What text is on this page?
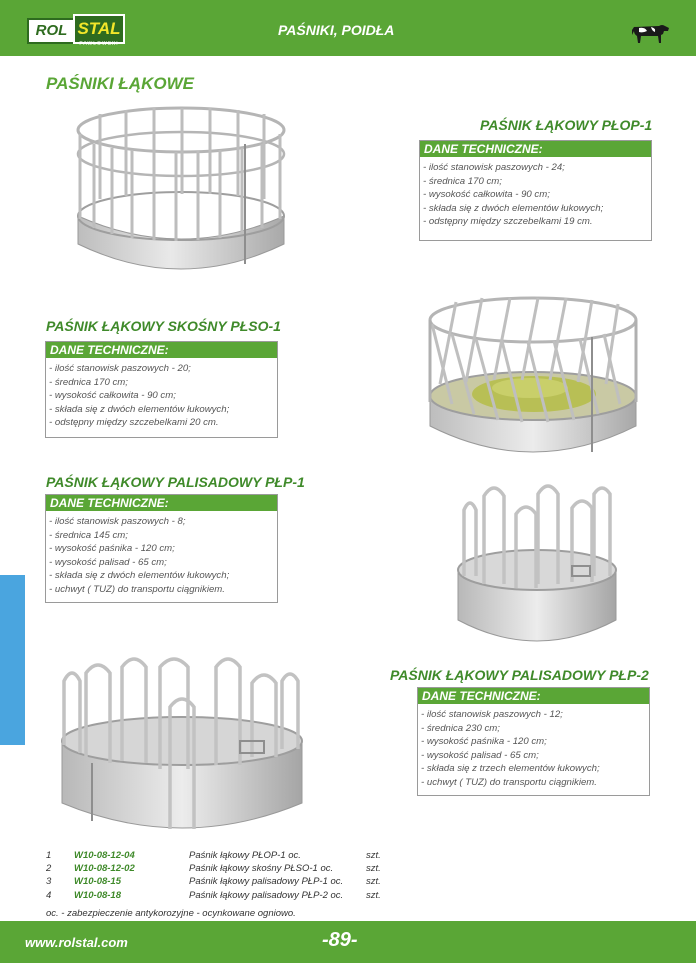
ROL STAL
PAWŁOWSKI
PAŚNIKI, POIDŁA
PAŚNIKI ŁĄKOWE
PAŚNIK ŁĄKOWY PŁOP-1
DANE TECHNICZNE:
- ilość stanowisk paszowych - 24;
- średnica 170 cm;
- wysokość całkowita - 90 cm;
- składa się z dwóch elementów łukowych;
- odstępny między szczebelkami 19 cm.
PAŚNIK ŁĄKOWY SKOŚNY PŁSO-1
DANE TECHNICZNE:
- ilość stanowisk paszowych - 20;
- średnica 170 cm;
- wysokość całkowita - 90 cm;
- składa się z dwóch elementów łukowych;
- odstępny między szczebelkami 20 cm.
PAŚNIK ŁĄKOWY PALISADOWY PŁP-1
DANE TECHNICZNE:
- ilość stanowisk paszowych - 8;
- średnica 145 cm;
- wysokość paśnika - 120 cm;
- wysokość palisad - 65 cm;
- składa się z dwóch elementów łukowych;
- uchwyt ( TUZ) do transportu ciągnikiem.
PAŚNIK ŁĄKOWY PALISADOWY PŁP-2
DANE TECHNICZNE:
- ilość stanowisk paszowych - 12;
- średnica 230 cm;
- wysokość paśnika - 120 cm;
- wysokość palisad - 65 cm;
- składa się z trzech elementów łukowych;
- uchwyt ( TUZ) do transportu ciągnikiem.
1 W10-08-12-04	Paśnik łąkowy PŁOP-1 oc.	szt.
2 W10-08-12-02	Paśnik łąkowy skośny PŁSO-1 oc.	szt.
3 W10-08-15	Paśnik łąkowy palisadowy PŁP-1 oc. szt.
4 W10-08-18	Paśnik łąkowy palisadowy PŁP-2 oc. szt.
oc. - zabezpieczenie antykorozyjne - ocynkowane ogniowo.
www.rolstal.com	-89-
